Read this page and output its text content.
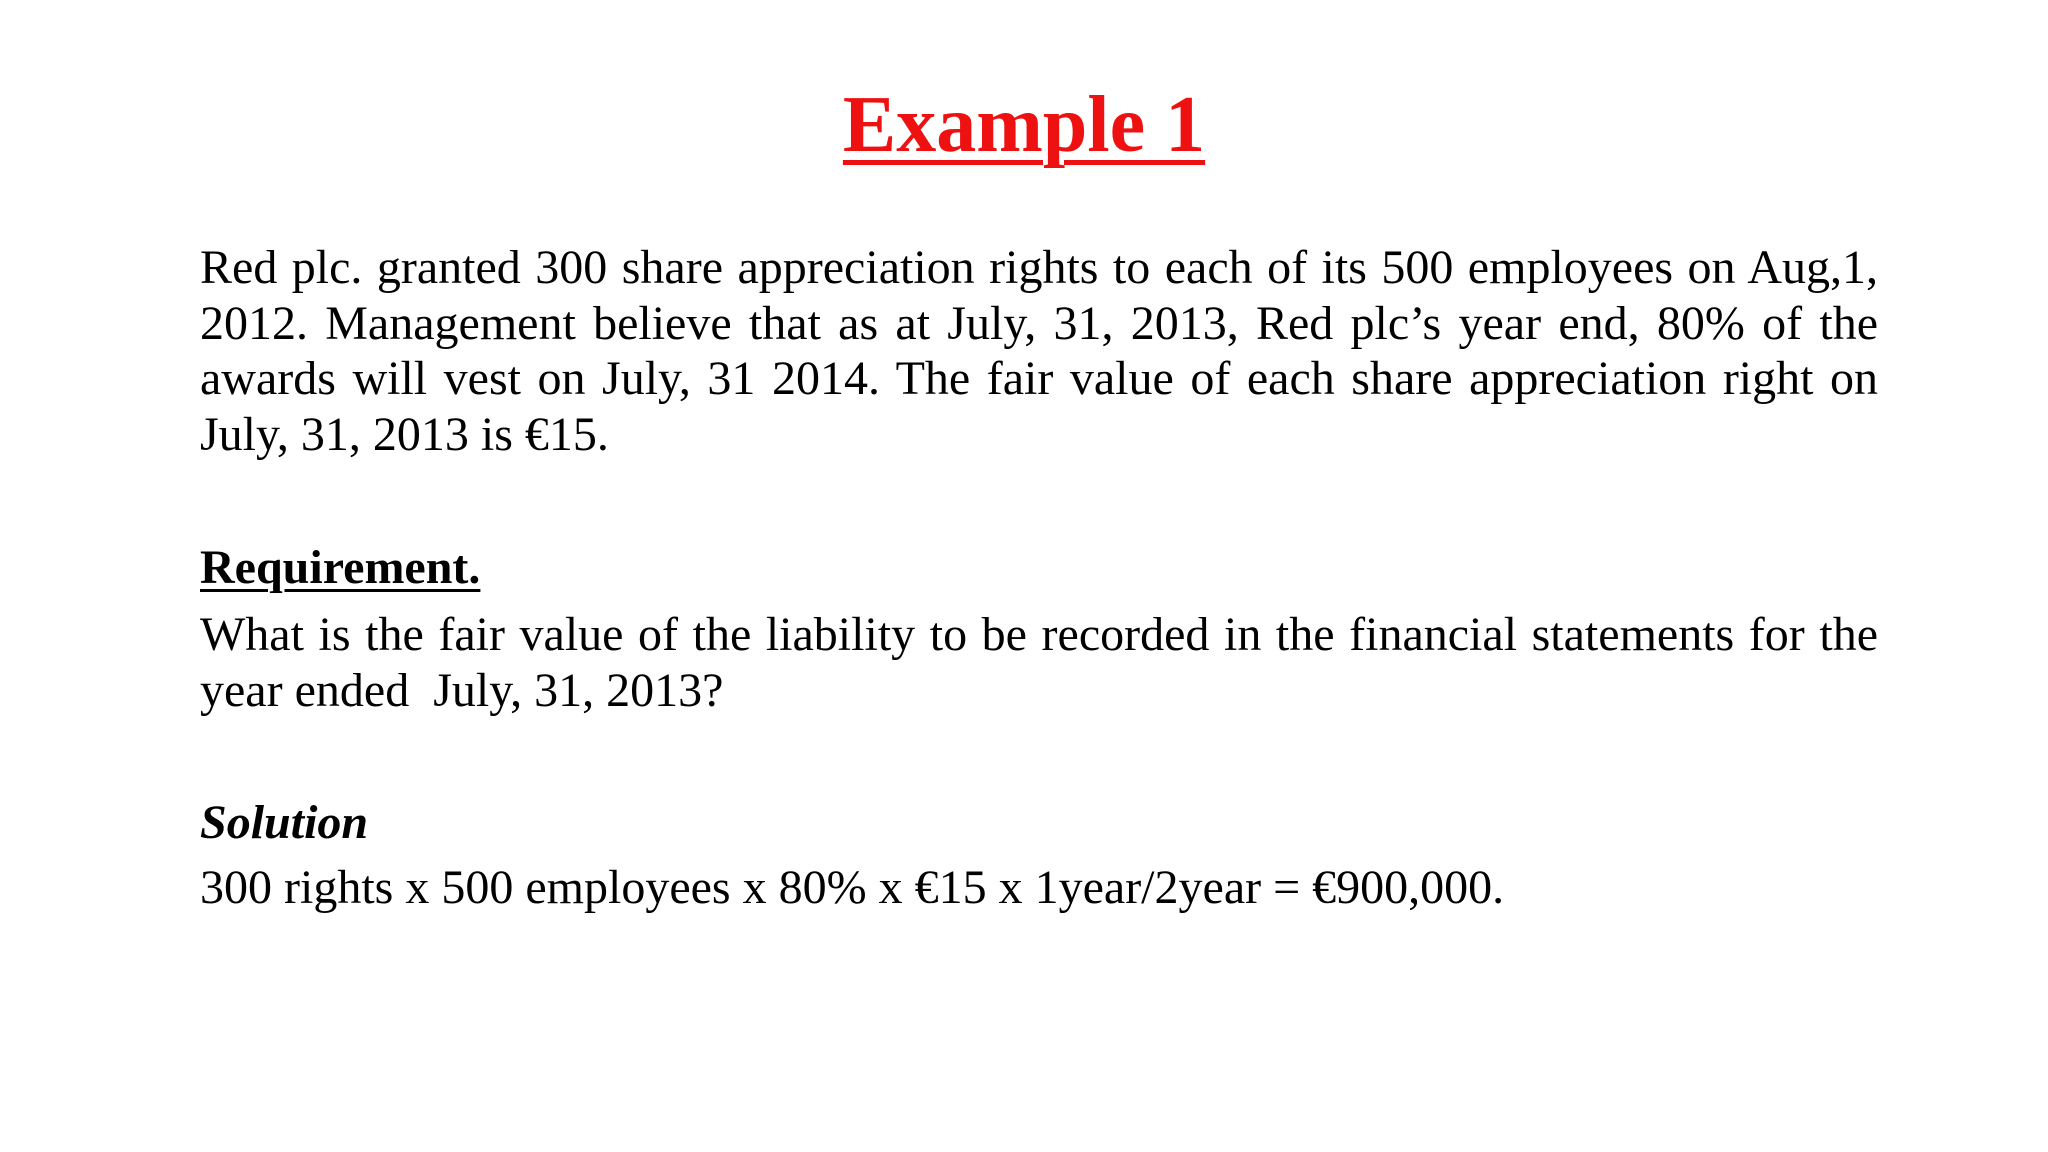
Example 1
Red plc. granted 300 share appreciation rights to each of its 500 employees on Aug,1, 2012. Management believe that as at July, 31, 2013, Red plc’s year end, 80% of the awards will vest on July, 31 2014. The fair value of each share appreciation right on July, 31, 2013 is €15.
Requirement.
What is the fair value of the liability to be recorded in the financial statements for the year ended  July, 31, 2013?
Solution
300 rights x 500 employees x 80% x €15 x 1year/2year = €900,000.
